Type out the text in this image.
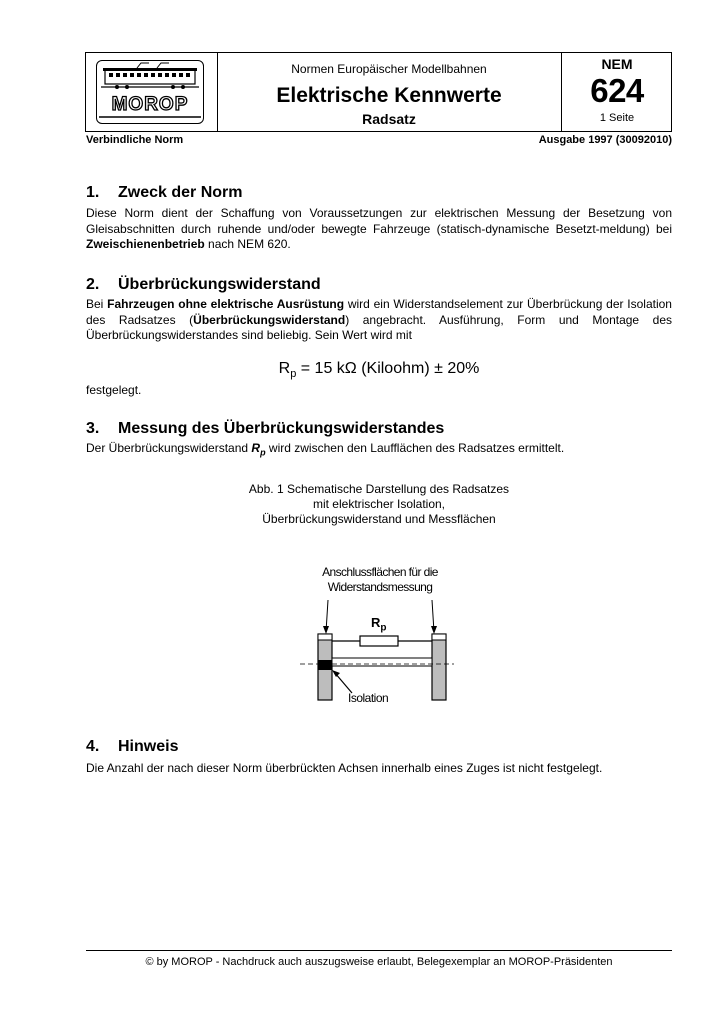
MOROP
Normen Europäischer Modellbahnen
Elektrische Kennwerte
Radsatz
NEM
624
1 Seite
Verbindliche Norm	Ausgabe 1997 (30092010)
1. Zweck der Norm

Diese Norm dient der Schaffung von Voraussetzungen zur elektrischen Messung der Besetzung von Gleisabschnitten durch ruhende und/oder bewegte Fahrzeuge (statisch-dynamische Besetzt-meldung) bei Zweischienenbetrieb nach NEM 620.

2. Überbrückungswiderstand

Bei Fahrzeugen ohne elektrische Ausrüstung wird ein Widerstandselement zur Überbrückung der Isolation des Radsatzes (Überbrückungswiderstand) angebracht. Ausführung, Form und Montage des Überbrückungswiderstandes sind beliebig. Sein Wert wird mit

$R_p = 15$ kΩ (Kiloohm) ± 20%

festgelegt.

3. Messung des Überbrückungswiderstandes

Der Überbrückungswiderstand $R_p$ wird zwischen den Laufflächen des Radsatzes ermittelt.

Abb. 1 Schematische Darstellung des Radsatzes
mit elektrischer Isolation,
Überbrückungswiderstand und Messflächen
Anschlussflächen für die
Widerstandsmessung
$R_p$
Isolation
4. Hinweis

Die Anzahl der nach dieser Norm überbrückten Achsen innerhalb eines Zuges ist nicht festgelegt.

© by MOROP - Nachdruck auch auszugsweise erlaubt, Belegexemplar an MOROP-Präsidenten
